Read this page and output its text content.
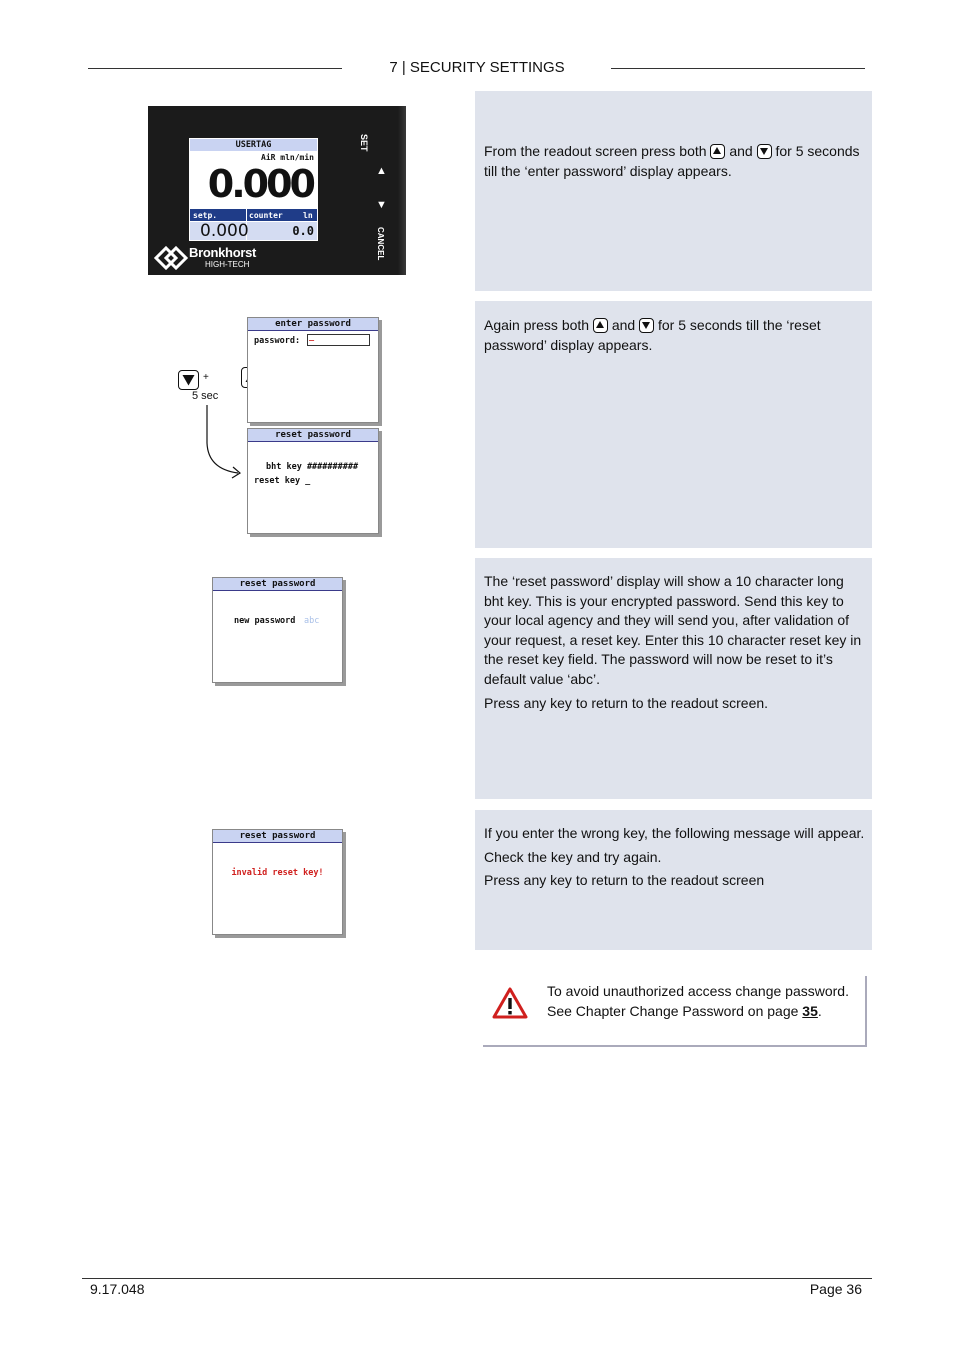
7 | SECURITY SETTINGS
USERTAG
AiR mln/min
0.000
setp.	counter	ln
0.000	0.0
Bronkhorst
HIGH-TECH
SET
▲
▼
CANCEL
From the readout screen press both and for 5 seconds till the ‘enter password’ display appears.

+
5 sec
enter password
password: _
reset password
bht key ##########
reset key _
Again press both and for 5 seconds till the ‘reset password’ display appears.
reset password
new password abc

The ‘reset password’ display will show a 10 character long bht key. This is your encrypted password. Send this key to your local agency and they will send you, after validation of your request, a reset key. Enter this 10 character reset key in the reset key field. The password will now be reset to it’s default value ‘abc’.

Press any key to return to the readout screen.

To avoid unauthorized access change password. See Chapter Change Password on page 35.
reset password
invalid reset key!

If you enter the wrong key, the following message will appear.

Check the key and try again.

Press any key to return to the readout screen

9.17.048	Page 36
